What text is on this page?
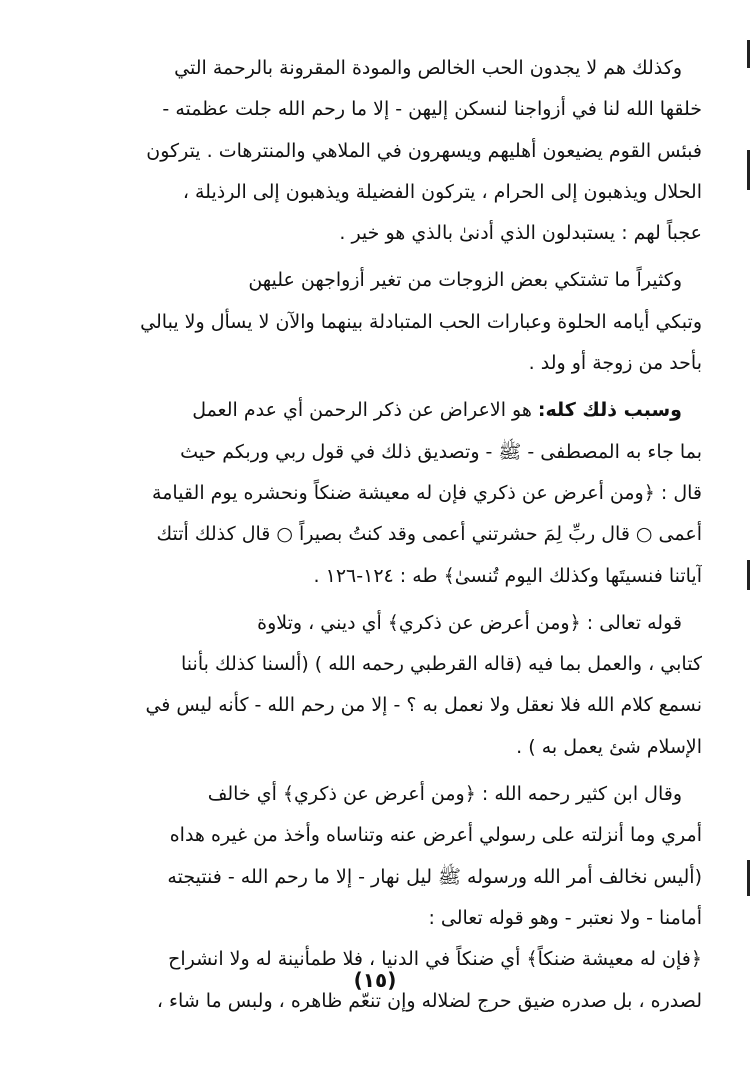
وكذلك هم لا يجدون الحب الخالص والمودة المقرونة بالرحمة التي
خلقها الله لنا في أزواجنا لنسكن إليهن - إلا ما رحم الله جلت عظمته -
فبئس القوم يضيعون أهليهم ويسهرون في الملاهي والمنترهات . يتركون
الحلال ويذهبون إلى الحرام ، يتركون الفضيلة ويذهبون إلى الرذيلة ،
عجباً لهم : يستبدلون الذي أدنىٰ بالذي هو خير .
وكثيراً ما تشتكي بعض الزوجات من تغير أزواجهن عليهن
وتبكي أيامه الحلوة وعبارات الحب المتبادلة بينهما والآن لا يسأل ولا يبالي
بأحد من زوجة أو ولد .
وسبب ذلك كله: هو الاعراض عن ذكر الرحمن أي عدم العمل
بما جاء به المصطفى - ﷺ - وتصديق ذلك في قول ربي وربكم حيث
قال : ﴿ومن أعرض عن ذكري فإن له معيشة ضنكاً ونحشره يوم القيامة
أعمى ○ قال ربِّ لِمَ حشرتني أعمى وقد كنتُ بصيراً ○ قال كذلك أتتك
آياتنا فنسيتَها وكذلك اليوم تُنسىٰ﴾ طه : ١٢٤-١٢٦ .
قوله تعالى : ﴿ومن أعرض عن ذكري﴾ أي ديني ، وتلاوة
كتابي ، والعمل بما فيه (قاله القرطبي رحمه الله ) (ألسنا كذلك بأننا
نسمع كلام الله فلا نعقل ولا نعمل به ؟ - إلا من رحم الله - كأنه ليس في
الإسلام شئ يعمل به ) .
وقال ابن كثير رحمه الله : ﴿ومن أعرض عن ذكري﴾ أي خالف
أمري وما أنزلته على رسولي أعرض عنه وتناساه وأخذ من غيره هداه
(أليس نخالف أمر الله ورسوله ﷺ ليل نهار - إلا ما رحم الله - فنتيجته
أمامنا - ولا نعتبر - وهو قوله تعالى :
﴿فإن له معيشة ضنكاً﴾ أي ضنكاً في الدنيا ، فلا طمأنينة له ولا انشراح
لصدره ، بل صدره ضيق حرج لضلاله وإن تنعّم ظاهره ، ولبس ما شاء ،
(١٥)
